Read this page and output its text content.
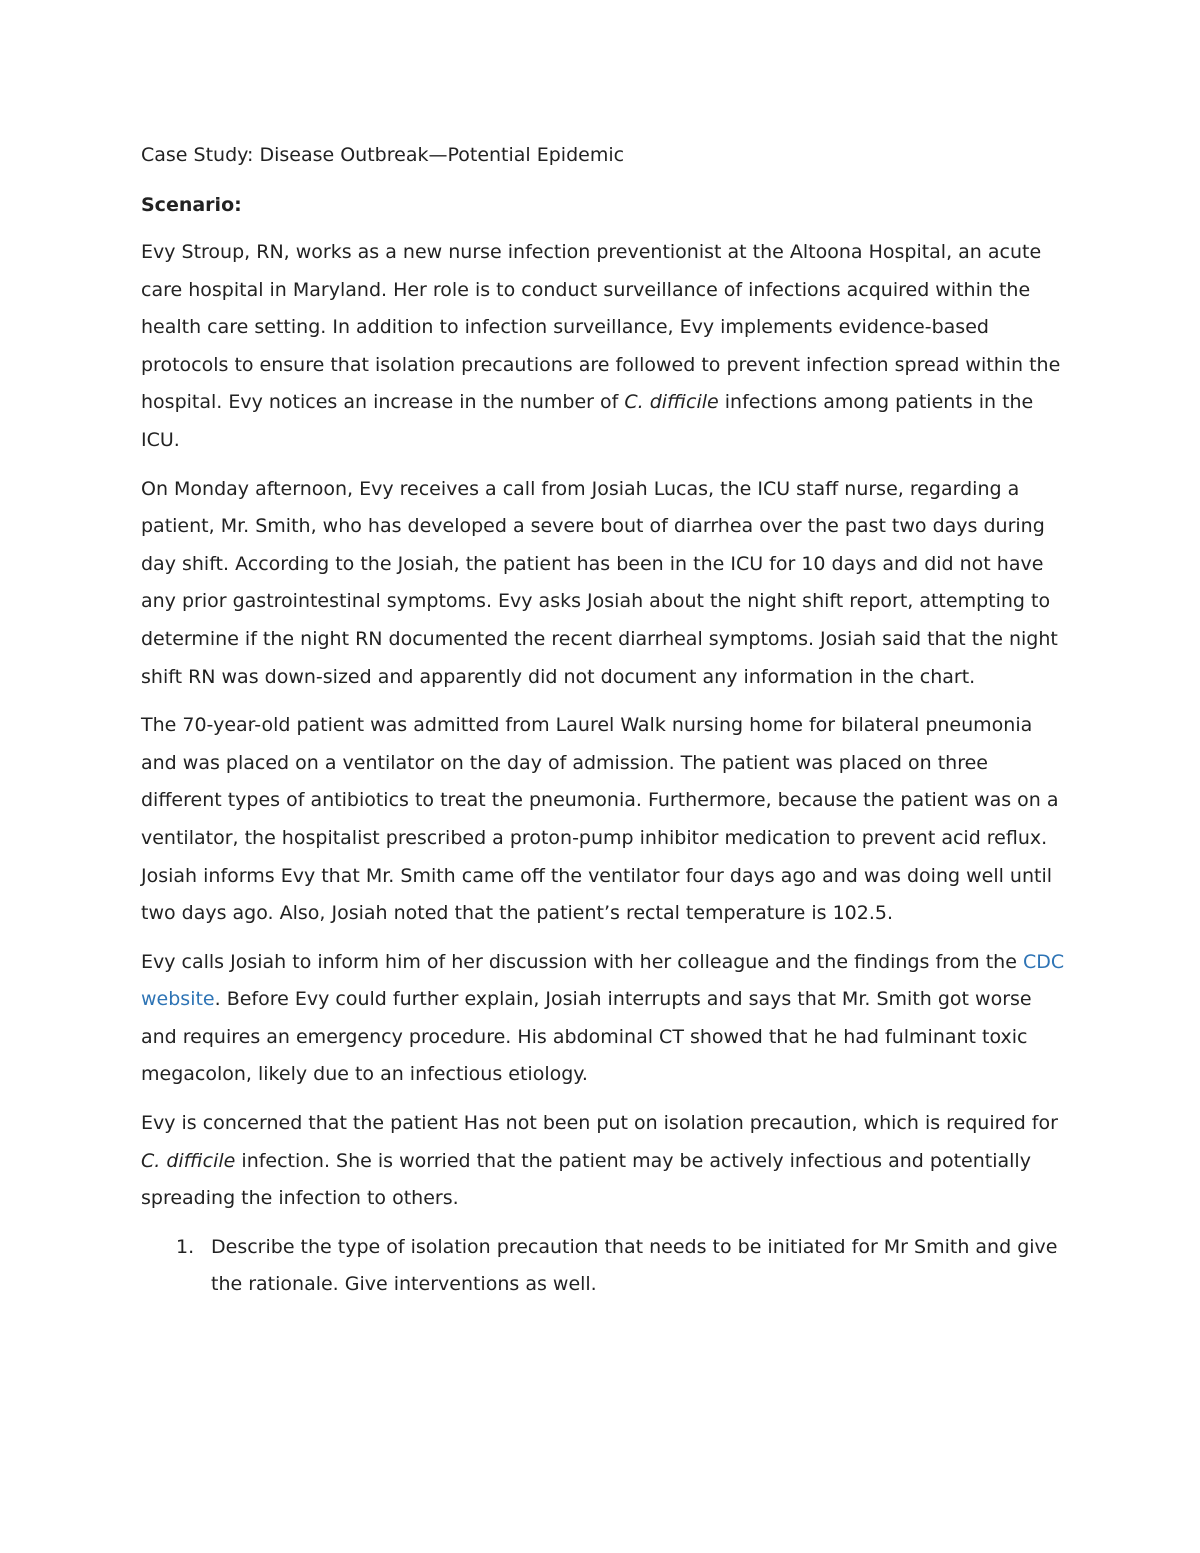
Case Study: Disease Outbreak—Potential Epidemic

Scenario:

Evy Stroup, RN, works as a new nurse infection preventionist at the Altoona Hospital, an acute care hospital in Maryland. Her role is to conduct surveillance of infections acquired within the health care setting. In addition to infection surveillance, Evy implements evidence-based protocols to ensure that isolation precautions are followed to prevent infection spread within the hospital. Evy notices an increase in the number of C. difficile infections among patients in the ICU.

On Monday afternoon, Evy receives a call from Josiah Lucas, the ICU staff nurse, regarding a patient, Mr. Smith, who has developed a severe bout of diarrhea over the past two days during day shift. According to the Josiah, the patient has been in the ICU for 10 days and did not have any prior gastrointestinal symptoms. Evy asks Josiah about the night shift report, attempting to determine if the night RN documented the recent diarrheal symptoms. Josiah said that the night shift RN was down-sized and apparently did not document any information in the chart.

The 70-year-old patient was admitted from Laurel Walk nursing home for bilateral pneumonia and was placed on a ventilator on the day of admission. The patient was placed on three different types of antibiotics to treat the pneumonia. Furthermore, because the patient was on a ventilator, the hospitalist prescribed a proton-pump inhibitor medication to prevent acid reflux. Josiah informs Evy that Mr. Smith came off the ventilator four days ago and was doing well until two days ago. Also, Josiah noted that the patient’s rectal temperature is 102.5.

Evy calls Josiah to inform him of her discussion with her colleague and the findings from the CDC website. Before Evy could further explain, Josiah interrupts and says that Mr. Smith got worse and requires an emergency procedure. His abdominal CT showed that he had fulminant toxic megacolon, likely due to an infectious etiology.

Evy is concerned that the patient Has not been put on isolation precaution, which is required for C. difficile infection. She is worried that the patient may be actively infectious and potentially spreading the infection to others.

1. Describe the type of isolation precaution that needs to be initiated for Mr Smith and give the rationale. Give interventions as well.
